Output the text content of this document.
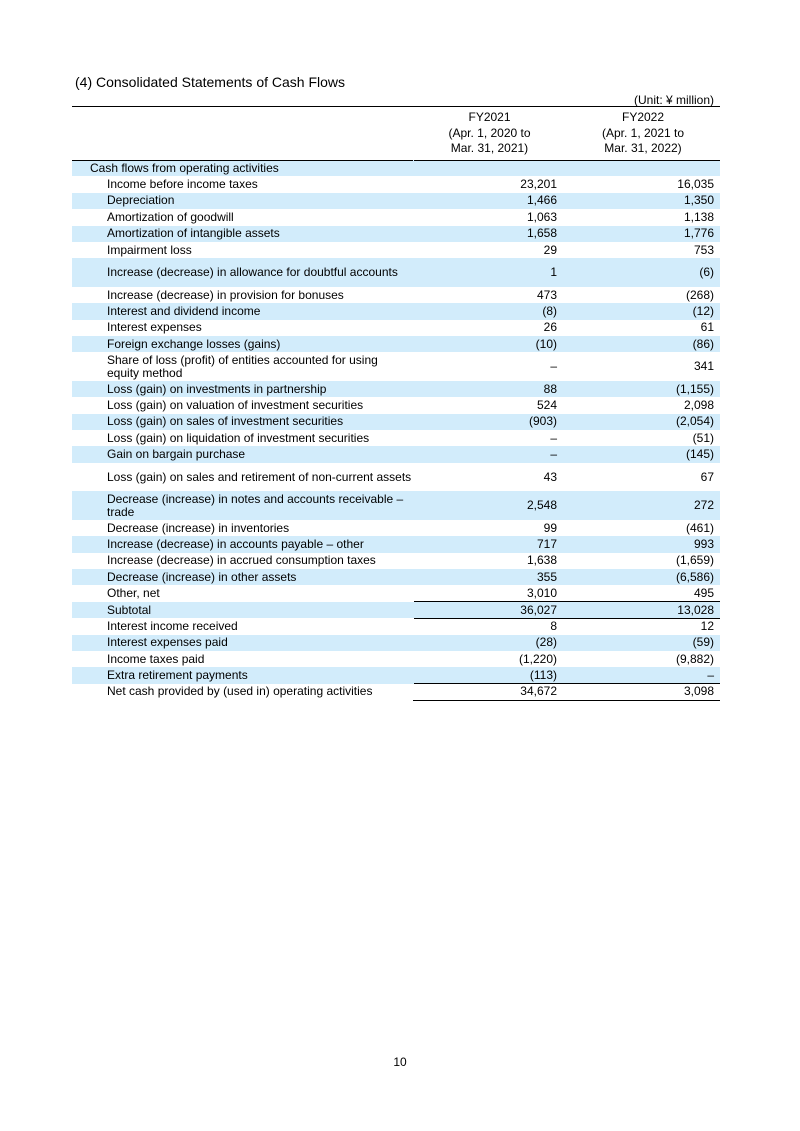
(4) Consolidated Statements of Cash Flows
(Unit: ¥ million)

	FY2021
(Apr. 1, 2020 to
Mar. 31, 2021)	FY2022
(Apr. 1, 2021 to
Mar. 31, 2022)

Cash flows from operating activities		
Income before income taxes	23,201	16,035
Depreciation	1,466	1,350
Amortization of goodwill	1,063	1,138
Amortization of intangible assets	1,658	1,776
Impairment loss	29	753
Increase (decrease) in allowance for doubtful accounts	1	(6)
Increase (decrease) in provision for bonuses	473	(268)
Interest and dividend income	(8)	(12)
Interest expenses	26	61
Foreign exchange losses (gains)	(10)	(86)
Share of loss (profit) of entities accounted for using equity method	–	341
Loss (gain) on investments in partnership	88	(1,155)
Loss (gain) on valuation of investment securities	524	2,098
Loss (gain) on sales of investment securities	(903)	(2,054)
Loss (gain) on liquidation of investment securities	–	(51)
Gain on bargain purchase	–	(145)
Loss (gain) on sales and retirement of non-current assets	43	67
Decrease (increase) in notes and accounts receivable – trade	2,548	272
Decrease (increase) in inventories	99	(461)
Increase (decrease) in accounts payable – other	717	993
Increase (decrease) in accrued consumption taxes	1,638	(1,659)
Decrease (increase) in other assets	355	(6,586)
Other, net	3,010	495
Subtotal	36,027	13,028
Interest income received	8	12
Interest expenses paid	(28)	(59)
Income taxes paid	(1,220)	(9,882)
Extra retirement payments	(113)	–
Net cash provided by (used in) operating activities	34,672	3,098
10
